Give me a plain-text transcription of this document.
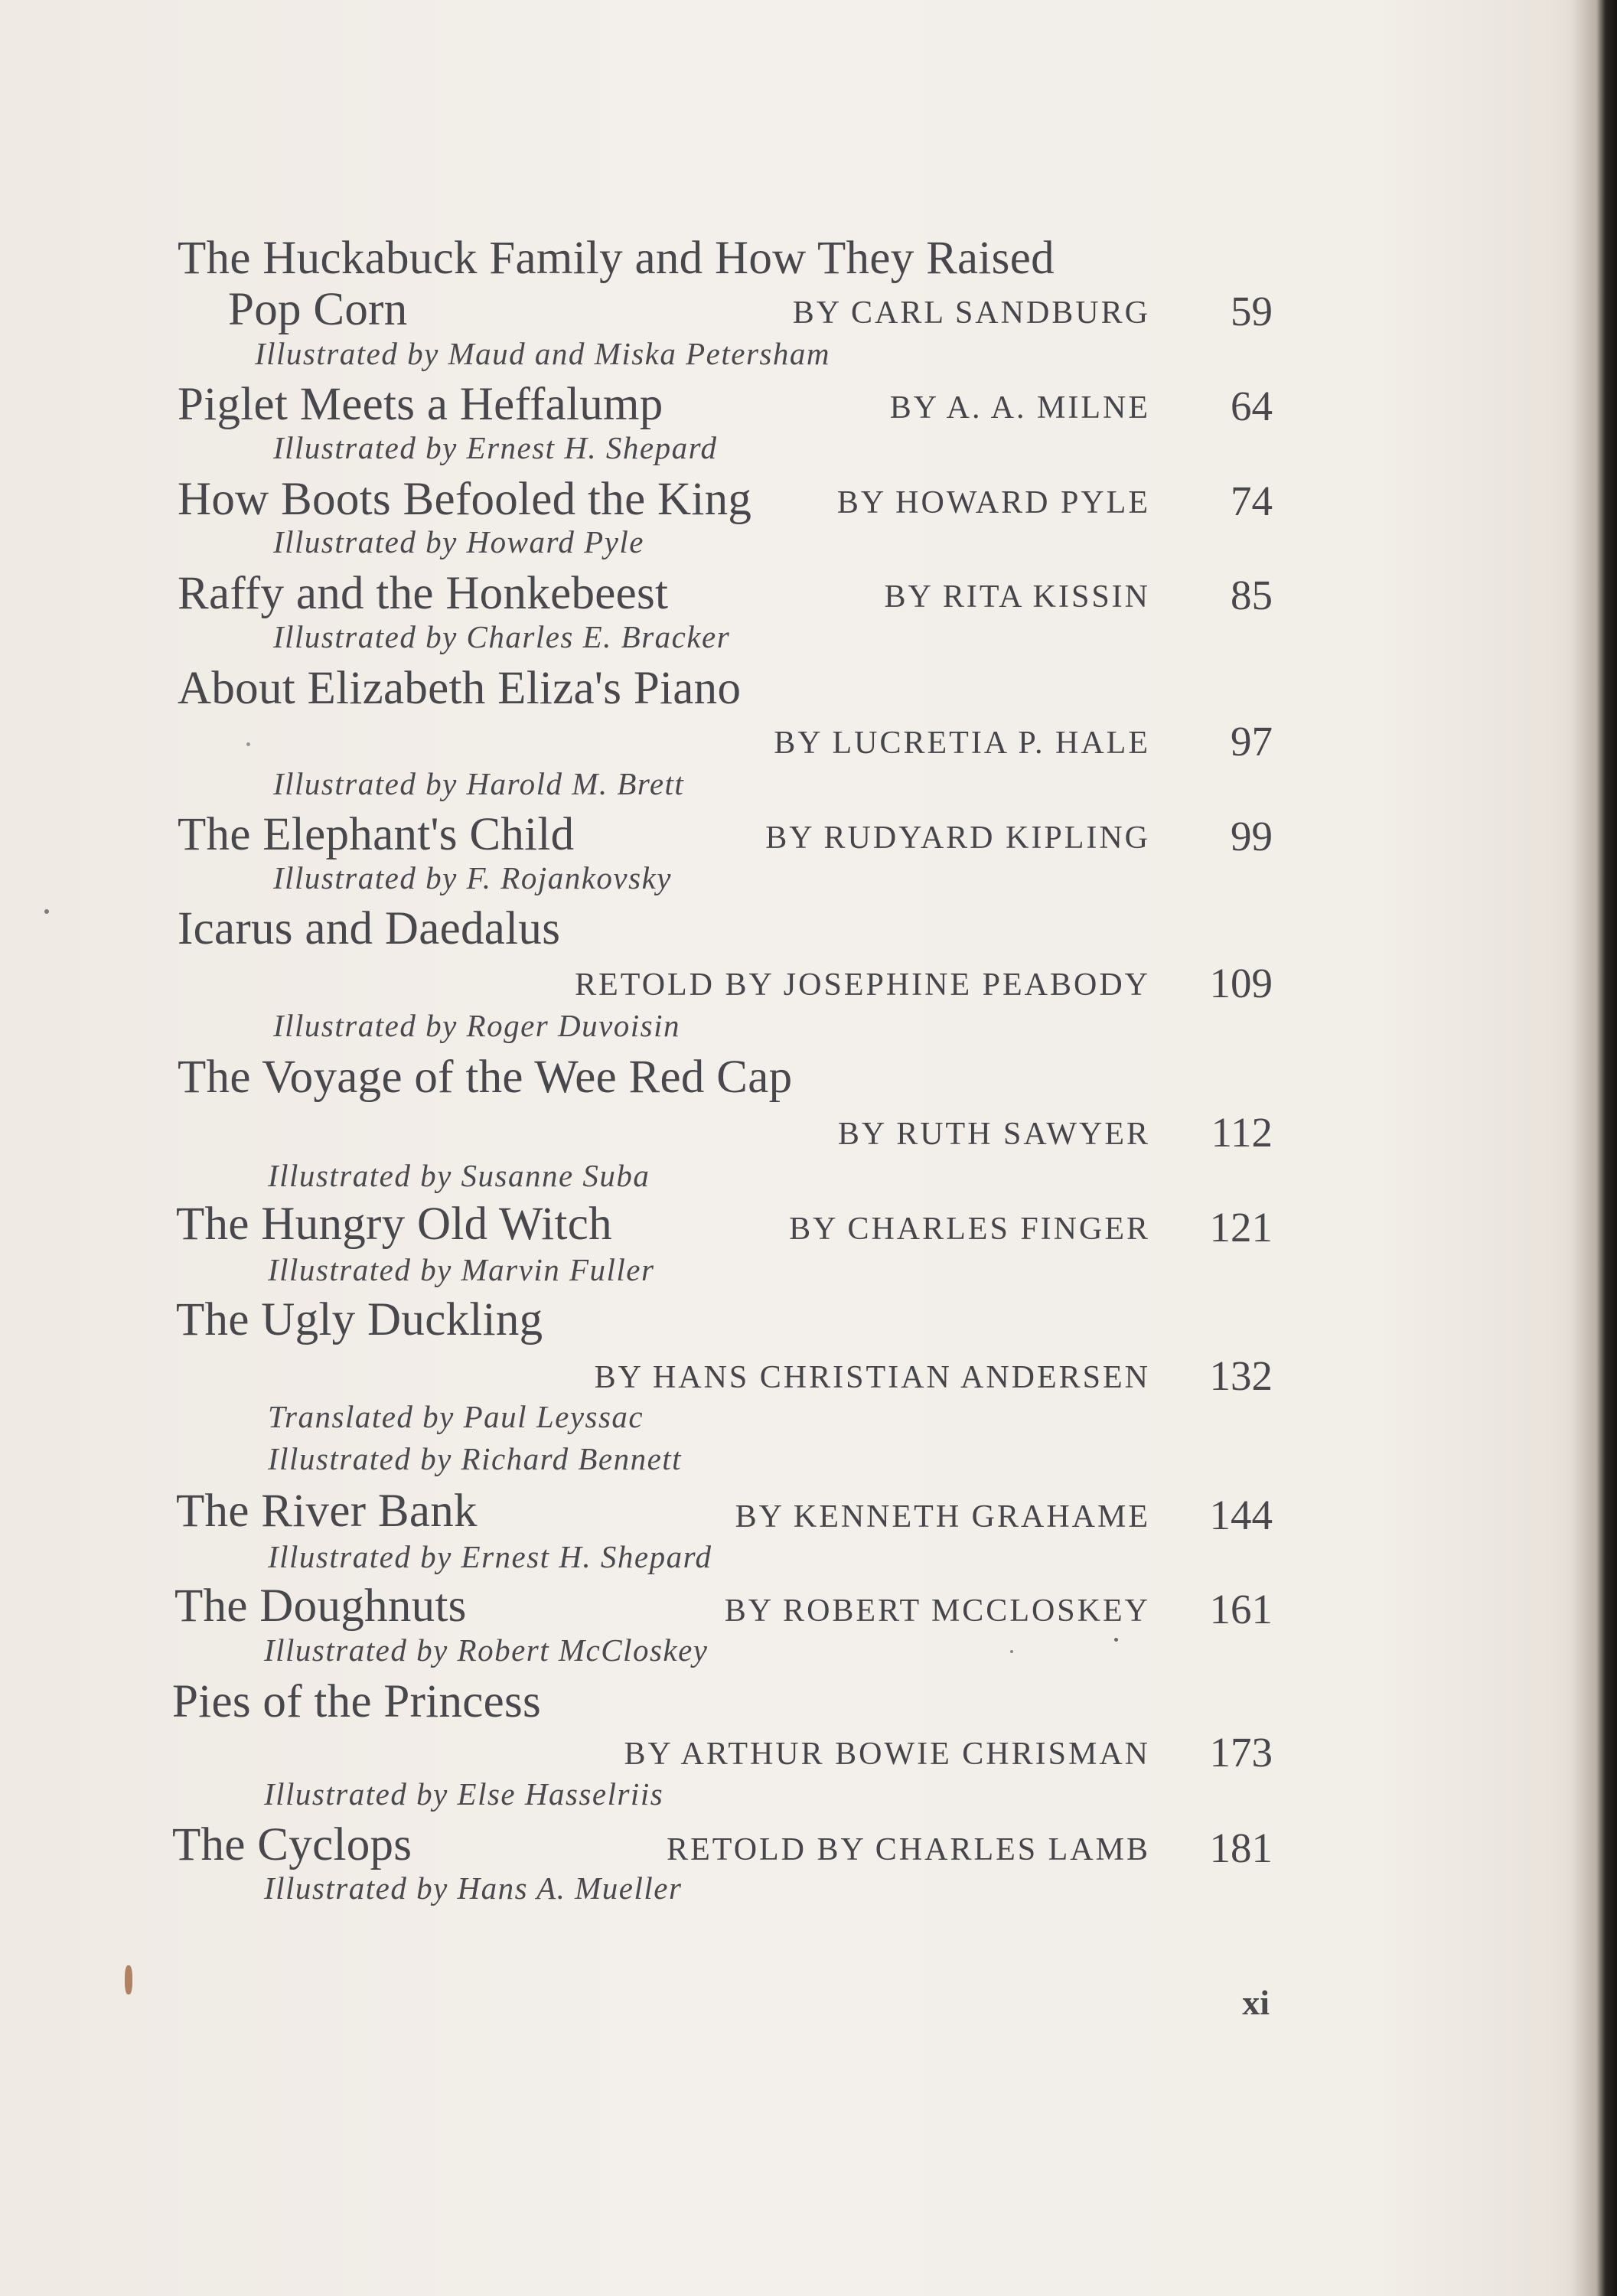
The Huckabuck Family and How They Raised
Pop Corn	BY CARL SANDBURG 59
Illustrated by Maud and Miska Petersham
Piglet Meets a Heffalump	BY A. A. MILNE 64
Illustrated by Ernest H. Shepard
How Boots Befooled the King	BY HOWARD PYLE 74
Illustrated by Howard Pyle
Raffy and the Honkebeest	BY RITA KISSIN 85
Illustrated by Charles E. Bracker
About Elizabeth Eliza's Piano
BY LUCRETIA P. HALE 97
Illustrated by Harold M. Brett
The Elephant's Child	BY RUDYARD KIPLING 99
Illustrated by F. Rojankovsky
Icarus and Daedalus
RETOLD BY JOSEPHINE PEABODY 109
Illustrated by Roger Duvoisin
The Voyage of the Wee Red Cap
BY RUTH SAWYER 112
Illustrated by Susanne Suba
The Hungry Old Witch	BY CHARLES FINGER 121
Illustrated by Marvin Fuller
The Ugly Duckling
BY HANS CHRISTIAN ANDERSEN 132
Translated by Paul Leyssac
Illustrated by Richard Bennett
The River Bank	BY KENNETH GRAHAME 144
Illustrated by Ernest H. Shepard
The Doughnuts	BY ROBERT MCCLOSKEY 161
Illustrated by Robert McCloskey
Pies of the Princess
BY ARTHUR BOWIE CHRISMAN 173
Illustrated by Else Hasselriis
The Cyclops	RETOLD BY CHARLES LAMB 181
Illustrated by Hans A. Mueller
xi
